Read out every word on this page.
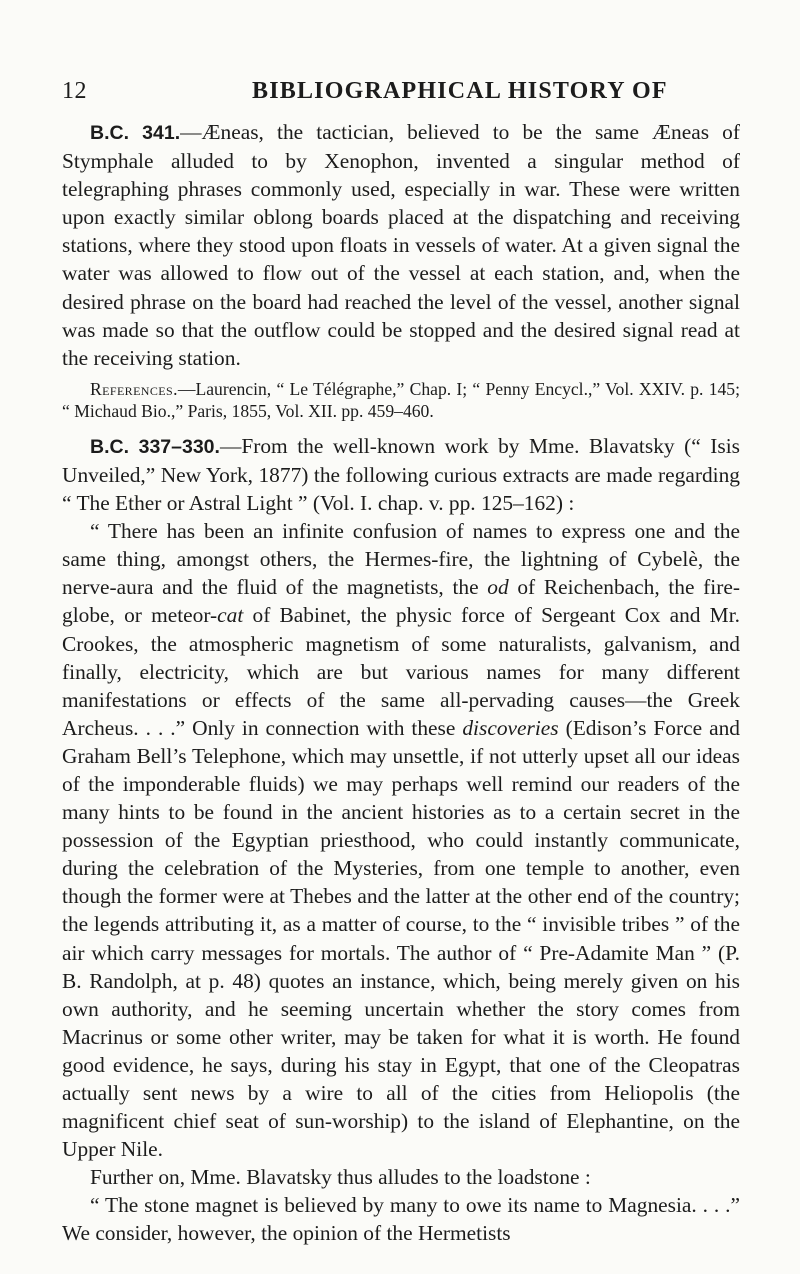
12	BIBLIOGRAPHICAL HISTORY OF

B.C. 341.—Æneas, the tactician, believed to be the same Æneas of Stymphale alluded to by Xenophon, invented a singular method of telegraphing phrases commonly used, especially in war. These were written upon exactly similar oblong boards placed at the dispatching and receiving stations, where they stood upon floats in vessels of water. At a given signal the water was allowed to flow out of the vessel at each station, and, when the desired phrase on the board had reached the level of the vessel, another signal was made so that the outflow could be stopped and the desired signal read at the receiving station.

References.—Laurencin, “ Le Télégraphe,” Chap. I; “ Penny Encycl.,” Vol. XXIV. p. 145; “ Michaud Bio.,” Paris, 1855, Vol. XII. pp. 459–460.

B.C. 337–330.—From the well-known work by Mme. Blavatsky (“ Isis Unveiled,” New York, 1877) the following curious extracts are made regarding “ The Ether or Astral Light ” (Vol. I. chap. v. pp. 125–162) :

“ There has been an infinite confusion of names to express one and the same thing, amongst others, the Hermes-fire, the lightning of Cybelè, the nerve-aura and the fluid of the magnetists, the od of Reichenbach, the fire-globe, or meteor-cat of Babinet, the physic force of Sergeant Cox and Mr. Crookes, the atmospheric magnetism of some naturalists, galvanism, and finally, electricity, which are but various names for many different manifestations or effects of the same all-pervading causes—the Greek Archeus. . . .” Only in connection with these discoveries (Edison’s Force and Graham Bell’s Telephone, which may unsettle, if not utterly upset all our ideas of the imponderable fluids) we may perhaps well remind our readers of the many hints to be found in the ancient histories as to a certain secret in the possession of the Egyptian priesthood, who could instantly communicate, during the celebration of the Mysteries, from one temple to another, even though the former were at Thebes and the latter at the other end of the country; the legends attributing it, as a matter of course, to the “ invisible tribes ” of the air which carry messages for mortals. The author of “ Pre-Adamite Man ” (P. B. Randolph, at p. 48) quotes an instance, which, being merely given on his own authority, and he seeming uncertain whether the story comes from Macrinus or some other writer, may be taken for what it is worth. He found good evidence, he says, during his stay in Egypt, that one of the Cleopatras actually sent news by a wire to all of the cities from Heliopolis (the magnificent chief seat of sun-worship) to the island of Elephantine, on the Upper Nile.

Further on, Mme. Blavatsky thus alludes to the loadstone :

“ The stone magnet is believed by many to owe its name to Magnesia. . . .” We consider, however, the opinion of the Hermetists
